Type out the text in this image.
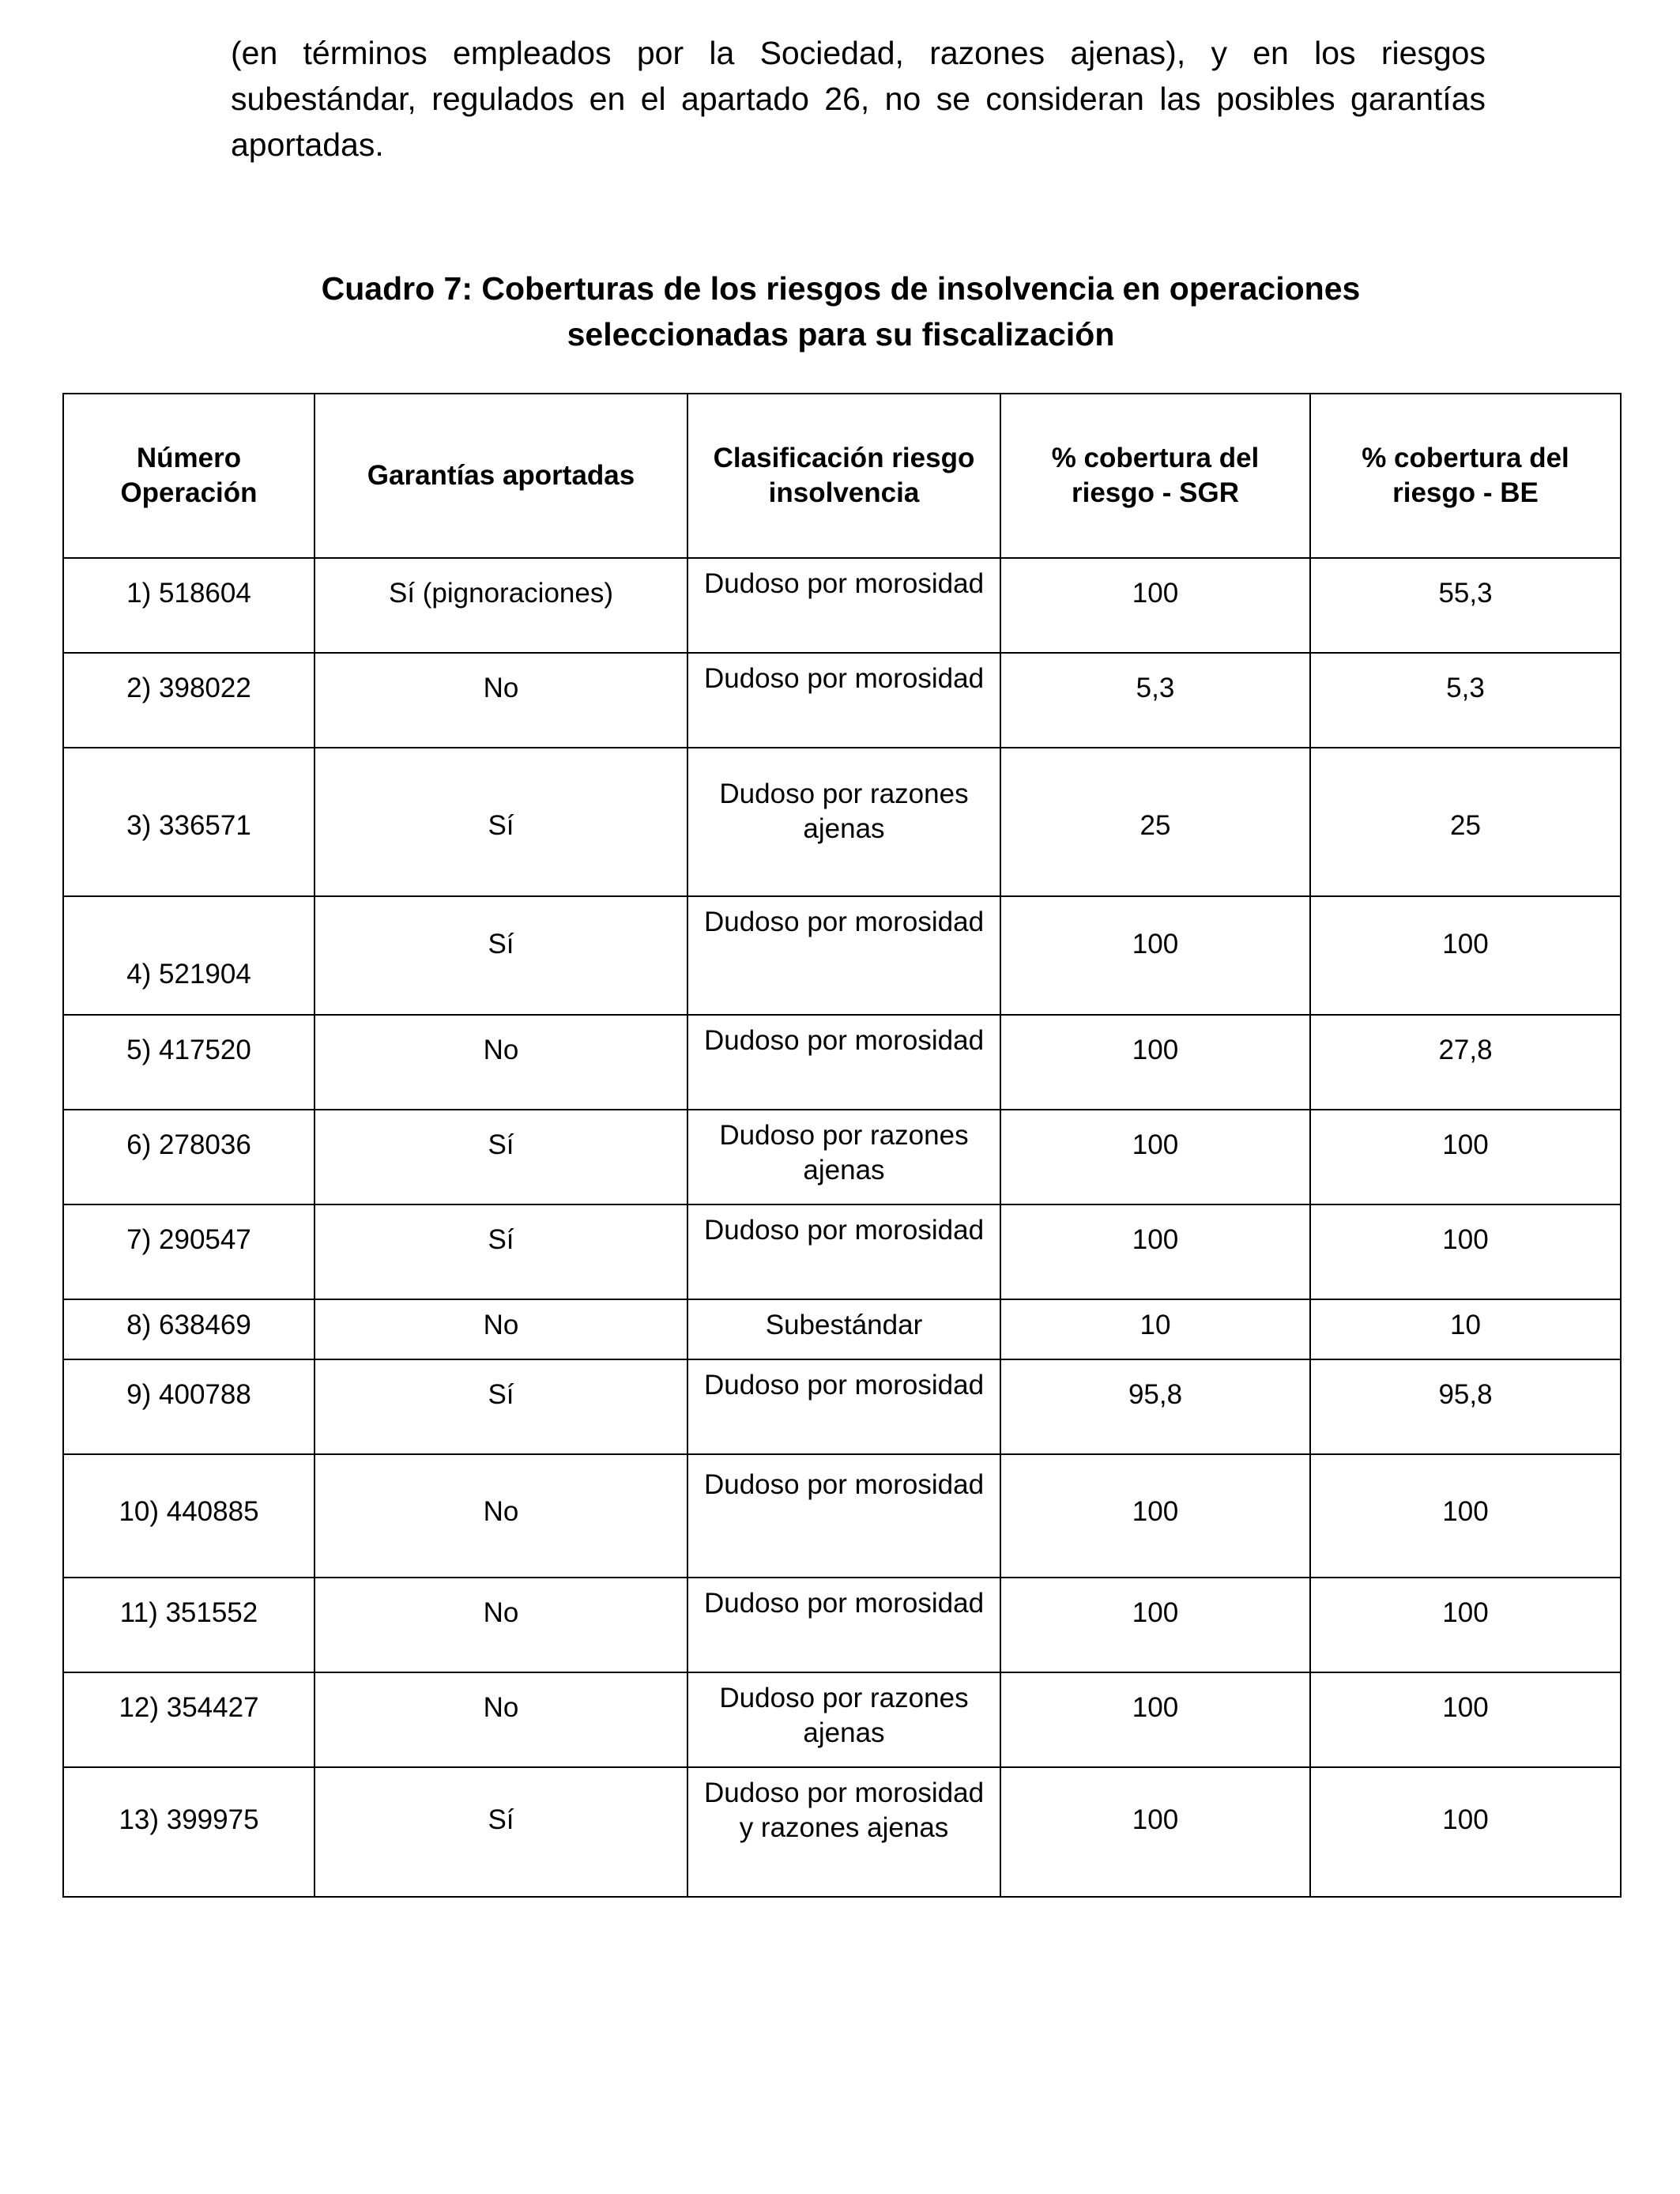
(en términos empleados por la Sociedad, razones ajenas), y en los riesgos subestándar, regulados en el apartado 26, no se consideran las posibles garantías aportadas.

Cuadro 7: Coberturas de los riesgos de insolvencia en operaciones
seleccionadas para su fiscalización
Número Operación	Garantías aportadas	Clasificación riesgo insolvencia	% cobertura del riesgo - SGR	% cobertura del riesgo - BE

1) 518604	Sí (pignoraciones)	Dudoso por morosidad	100	55,3

2) 398022	No	Dudoso por morosidad	5,3	5,3

3) 336571	Sí	Dudoso por razones ajenas	25	25

4) 521904	Sí	Dudoso por morosidad	100	100

5) 417520	No	Dudoso por morosidad	100	27,8

6) 278036	Sí	Dudoso por razones ajenas	100	100

7) 290547	Sí	Dudoso por morosidad	100	100

8) 638469	No	Subestándar	10	10

9) 400788	Sí	Dudoso por morosidad	95,8	95,8

10) 440885	No	Dudoso por morosidad	100	100

11) 351552	No	Dudoso por morosidad	100	100

12) 354427	No	Dudoso por razones ajenas	100	100

13) 399975	Sí	Dudoso por morosidad y razones ajenas	100	100
